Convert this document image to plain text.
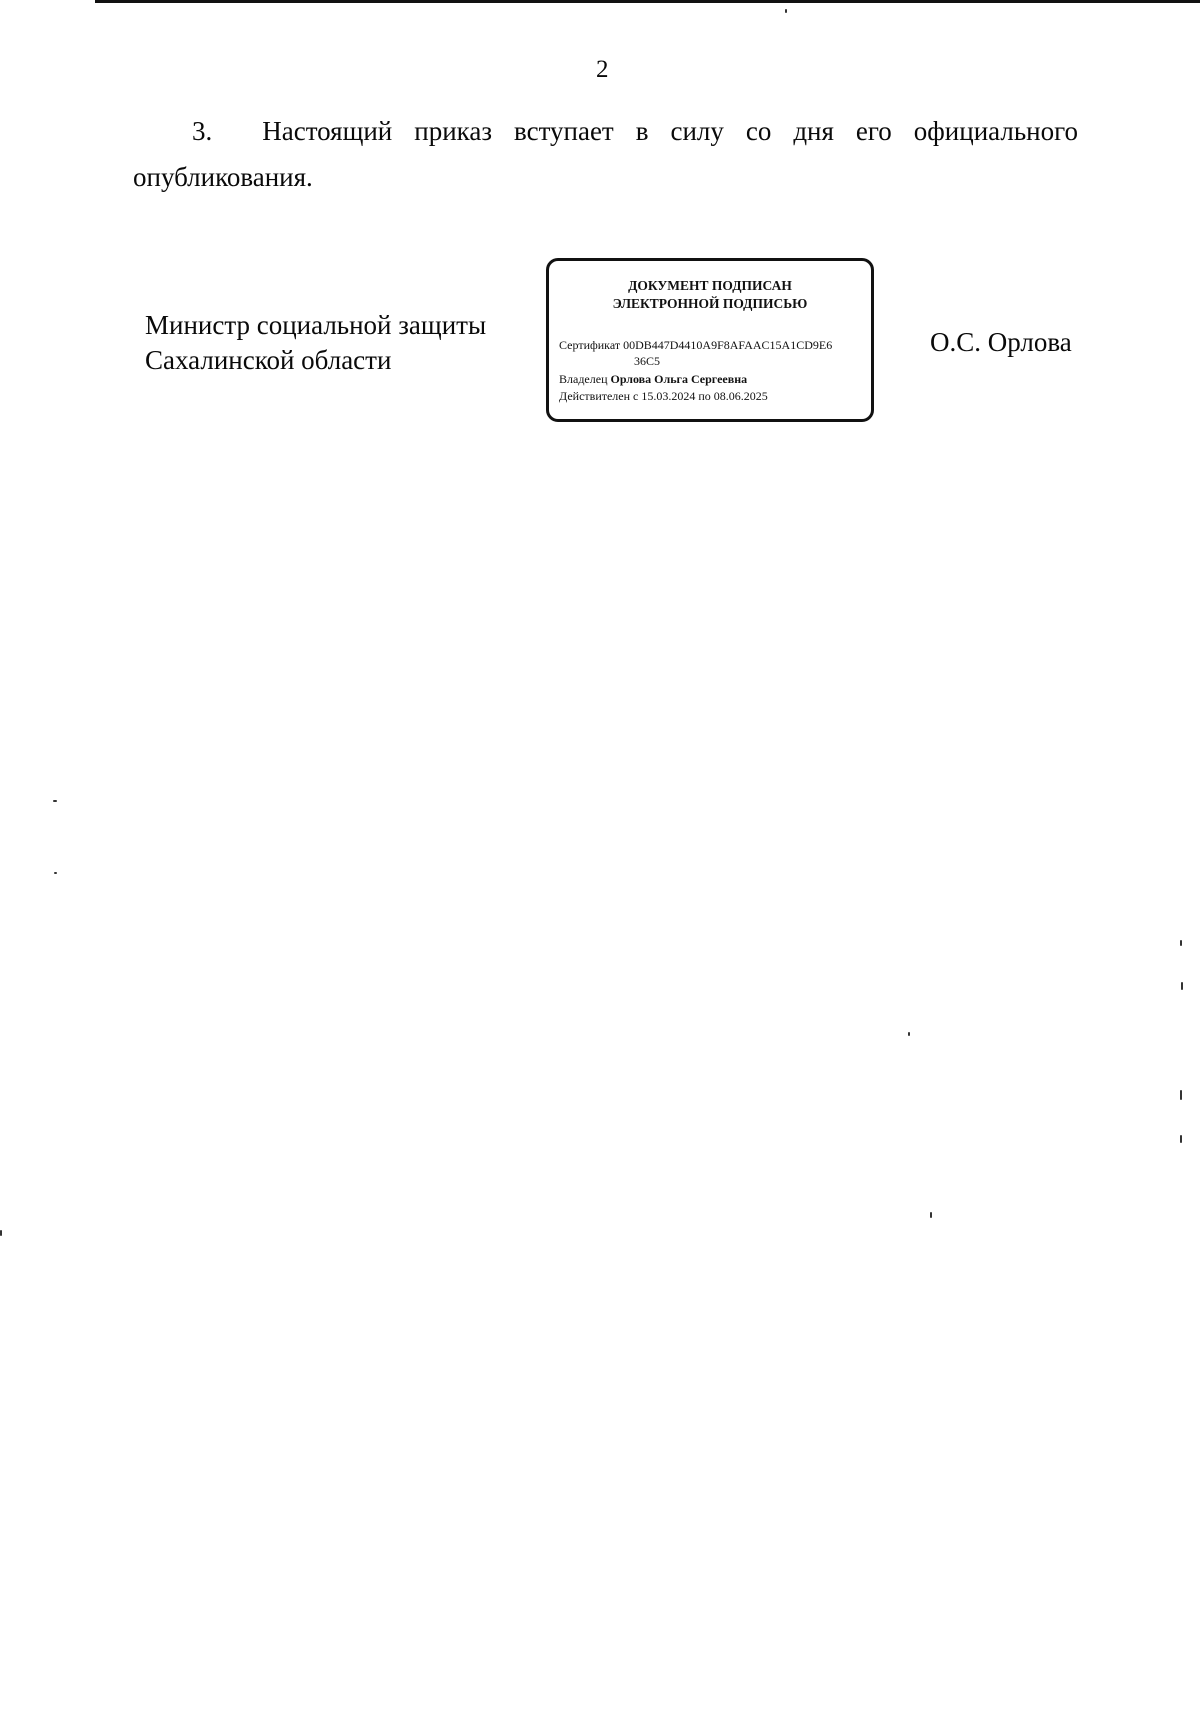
2
3. Настоящий приказ вступает в силу со дня его официального
опубликования.
Министр социальной защиты
Сахалинской области
ДОКУМЕНТ ПОДПИСАН
ЭЛЕКТРОННОЙ ПОДПИСЬЮ
Сертификат 00DB447D4410A9F8AFAAC15A1CD9E6
36C5
Владелец Орлова Ольга Сергеевна
Действителен с 15.03.2024 по 08.06.2025
О.С. Орлова
